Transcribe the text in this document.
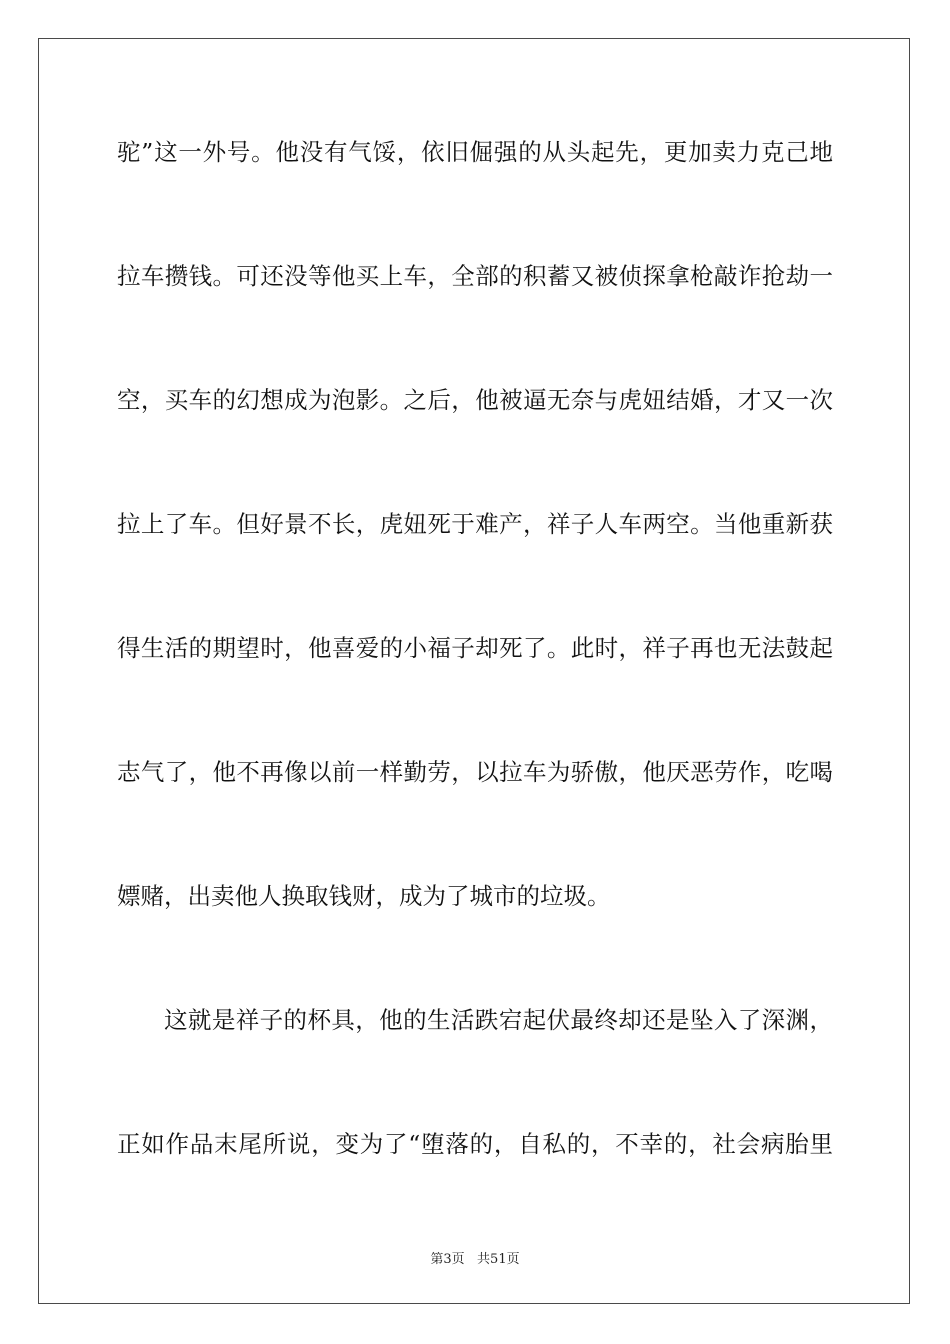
驼”这一外号。他没有气馁，依旧倔强的从头起先，更加卖力克己地
拉车攒钱。可还没等他买上车，全部的积蓄又被侦探拿枪敲诈抢劫一
空，买车的幻想成为泡影。之后，他被逼无奈与虎妞结婚，才又一次
拉上了车。但好景不长，虎妞死于难产，祥子人车两空。当他重新获
得生活的期望时，他喜爱的小福子却死了。此时，祥子再也无法鼓起
志气了，他不再像以前一样勤劳，以拉车为骄傲，他厌恶劳作，吃喝
嫖赌，出卖他人换取钱财，成为了城市的垃圾。
这就是祥子的杯具，他的生活跌宕起伏最终却还是坠入了深渊，
正如作品末尾所说，变为了“堕落的，自私的，不幸的，社会病胎里
第3页   共51页
